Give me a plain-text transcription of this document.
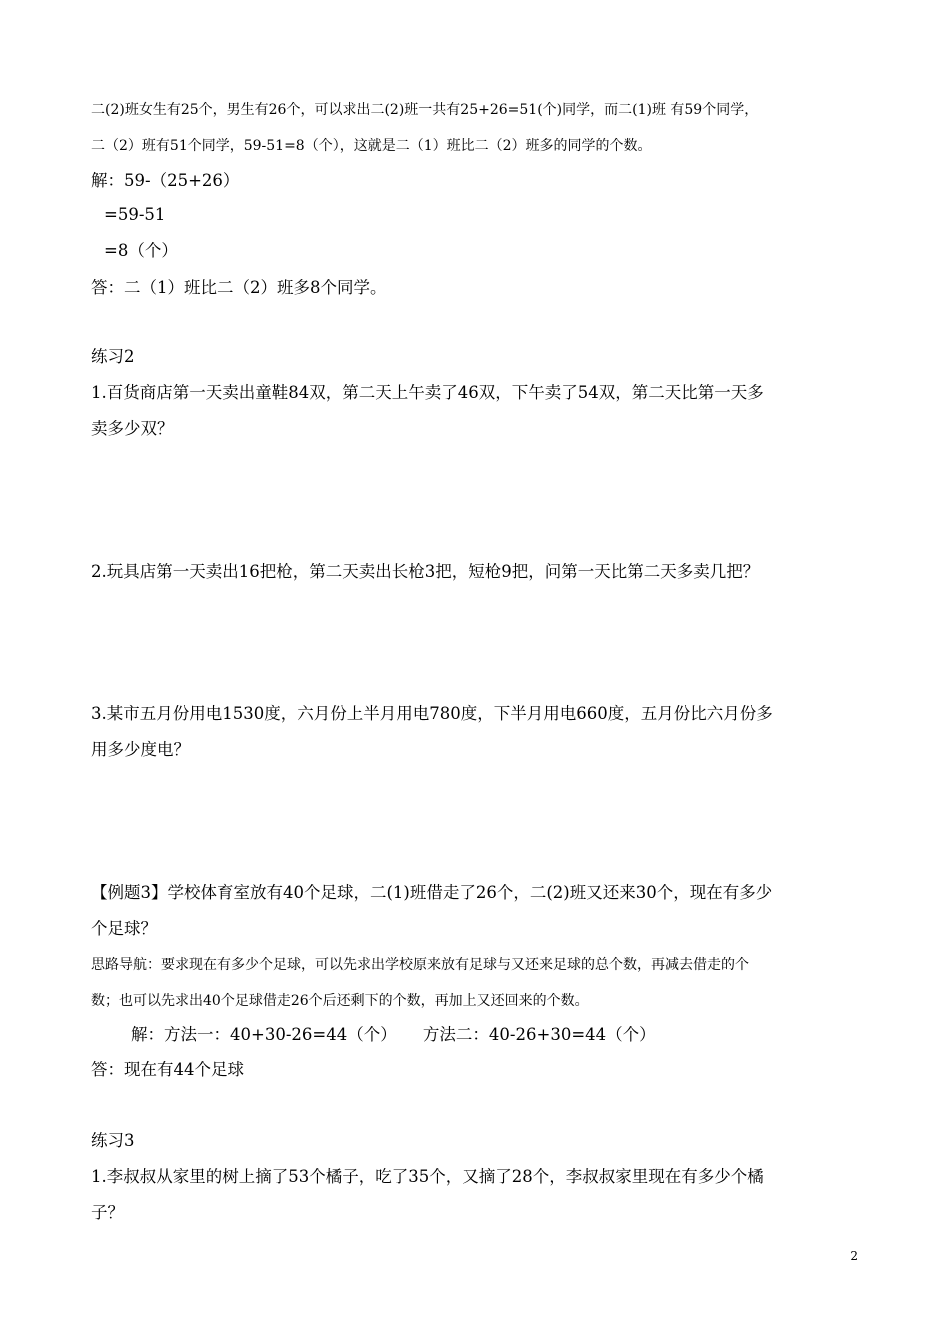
二(2)班女生有25个，男生有26个，可以求出二(2)班一共有25+26=51(个)同学，而二(1)班 有59个同学，
二（2）班有51个同学，59-51=8（个），这就是二（1）班比二（2）班多的同学的个数。
解：59-（25+26）
=59-51
=8（个）
答：二（1）班比二（2）班多8个同学。
练习2
1.百货商店第一天卖出童鞋84双，第二天上午卖了46双，下午卖了54双，第二天比第一天多
卖多少双？
2.玩具店第一天卖出16把枪，第二天卖出长枪3把，短枪9把，问第一天比第二天多卖几把？
3.某市五月份用电1530度，六月份上半月用电780度，下半月用电660度，五月份比六月份多
用多少度电？
【例题3】学校体育室放有40个足球，二(1)班借走了26个，二(2)班又还来30个，现在有多少
个足球？
思路导航：要求现在有多少个足球，可以先求出学校原来放有足球与又还来足球的总个数，再减去借走的个
数；也可以先求出40个足球借走26个后还剩下的个数，再加上又还回来的个数。
解：方法一：40+30-26=44（个）     方法二：40-26+30=44（个）
答：现在有44个足球
练习3
1.李叔叔从家里的树上摘了53个橘子，吃了35个，又摘了28个，李叔叔家里现在有多少个橘
子？
2
